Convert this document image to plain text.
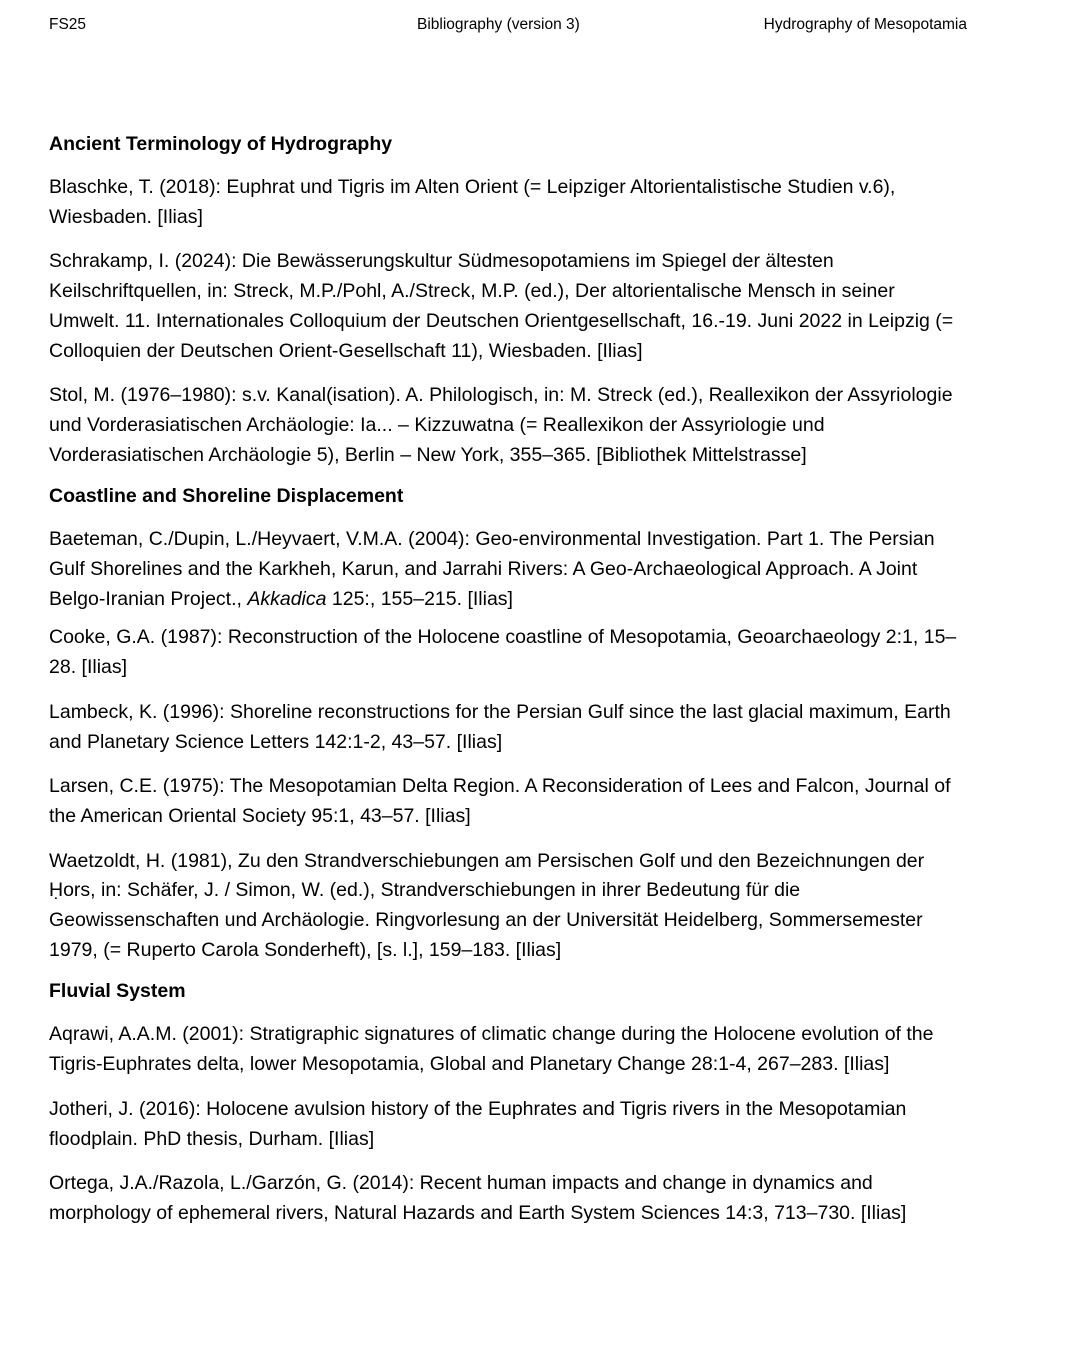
FS25	Bibliography (version 3)	Hydrography of Mesopotamia
Ancient Terminology of Hydrography

Blaschke, T. (2018): Euphrat und Tigris im Alten Orient (= Leipziger Altorientalistische Studien v.6), Wiesbaden. [Ilias]

Schrakamp, I. (2024): Die Bewässerungskultur Südmesopotamiens im Spiegel der ältesten Keilschriftquellen, in: Streck, M.P./Pohl, A./Streck, M.P. (ed.), Der altorientalische Mensch in seiner Umwelt. 11. Internationales Colloquium der Deutschen Orientgesellschaft, 16.-19. Juni 2022 in Leipzig (= Colloquien der Deutschen Orient-Gesellschaft 11), Wiesbaden. [Ilias]

Stol, M. (1976–1980): s.v. Kanal(isation). A. Philologisch, in: M. Streck (ed.), Reallexikon der Assyriologie und Vorderasiatischen Archäologie: Ia... – Kizzuwatna (= Reallexikon der Assyriologie und Vorderasiatischen Archäologie 5), Berlin – New York, 355–365. [Bibliothek Mittelstrasse]

Coastline and Shoreline Displacement

Baeteman, C./Dupin, L./Heyvaert, V.M.A. (2004): Geo-environmental Investigation. Part 1. The Persian Gulf Shorelines and the Karkheh, Karun, and Jarrahi Rivers: A Geo-Archaeological Approach. A Joint Belgo-Iranian Project., Akkadica 125:, 155–215. [Ilias]

Cooke, G.A. (1987): Reconstruction of the Holocene coastline of Mesopotamia, Geoarchaeology 2:1, 15–28. [Ilias]

Lambeck, K. (1996): Shoreline reconstructions for the Persian Gulf since the last glacial maximum, Earth and Planetary Science Letters 142:1-2, 43–57. [Ilias]

Larsen, C.E. (1975): The Mesopotamian Delta Region. A Reconsideration of Lees and Falcon, Journal of the American Oriental Society 95:1, 43–57. [Ilias]

Waetzoldt, H. (1981), Zu den Strandverschiebungen am Persischen Golf und den Bezeichnungen der Ḥors, in: Schäfer, J. / Simon, W. (ed.), Strandverschiebungen in ihrer Bedeutung für die Geowissenschaften und Archäologie. Ringvorlesung an der Universität Heidelberg, Sommersemester 1979, (= Ruperto Carola Sonderheft), [s. l.], 159–183. [Ilias]

Fluvial System

Aqrawi, A.A.M. (2001): Stratigraphic signatures of climatic change during the Holocene evolution of the Tigris-Euphrates delta, lower Mesopotamia, Global and Planetary Change 28:1-4, 267–283. [Ilias]

Jotheri, J. (2016): Holocene avulsion history of the Euphrates and Tigris rivers in the Mesopotamian floodplain. PhD thesis, Durham. [Ilias]

Ortega, J.A./Razola, L./Garzón, G. (2014): Recent human impacts and change in dynamics and morphology of ephemeral rivers, Natural Hazards and Earth System Sciences 14:3, 713–730. [Ilias]
